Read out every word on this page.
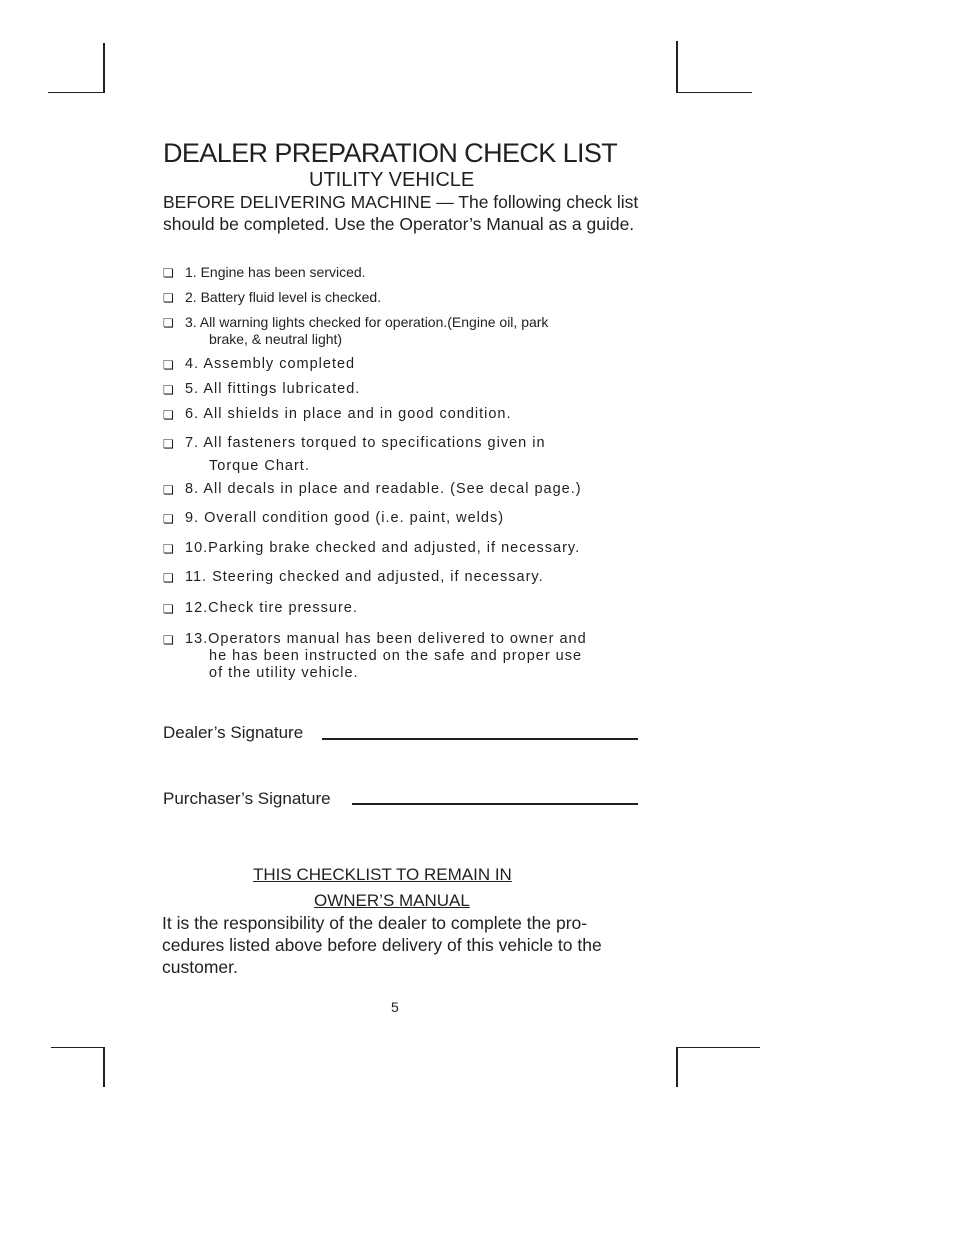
DEALER PREPARATION CHECK LIST
UTILITY VEHICLE
BEFORE DELIVERING MACHINE — The following check list should be completed. Use the Operator’s Manual as a guide.
❏ 1. Engine has been serviced.
❏ 2. Battery fluid level is checked.
❏ 3. All warning lights checked for operation.(Engine oil, park
brake, & neutral light)
❏ 4. Assembly completed
❏ 5. All fittings lubricated.
❏ 6. All shields in place and in good condition.
❏ 7. All fasteners torqued to specifications given in
Torque Chart.
❏ 8. All decals in place and readable. (See decal page.)
❏ 9. Overall condition good (i.e. paint, welds)
❏ 10.Parking brake checked and adjusted, if necessary.
❏ 11. Steering checked and adjusted, if necessary.
❏ 12.Check tire pressure.
❏ 13.Operators manual has been delivered to owner and
he has been instructed on the safe and proper use
of the utility vehicle.
Dealer’s Signature
Purchaser’s Signature
THIS CHECKLIST TO REMAIN IN
OWNER’S MANUAL
It is the responsibility of the dealer to complete the pro-cedures listed above before delivery of this vehicle to the customer.
5
